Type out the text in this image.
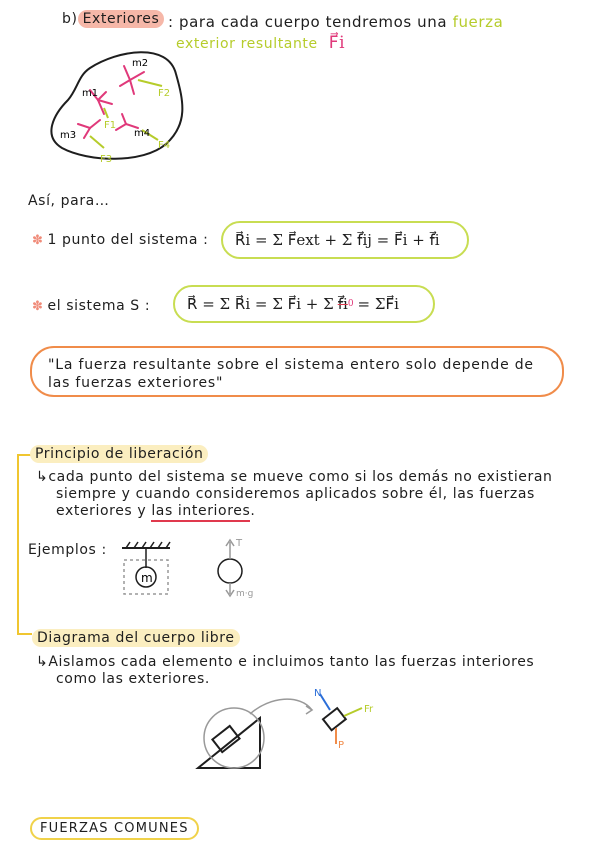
b) Exteriores : para cada cuerpo tendremos una fuerza
exterior resultante F⃗i
m2
m1
m3	m4
F2
F1
F3
F4
Así, para…
✽ 1 punto del sistema : R⃗i = Σ F⃗ext + Σ f⃗ij = F⃗i + f⃗i
✽ el sistema S : R⃗ = Σ R⃗i = Σ F⃗i + Σ f⃗i 0 = ΣF⃗i
"La fuerza resultante sobre el sistema entero solo depende de las fuerzas exteriores"
Principio de liberación
↳cada punto del sistema se mueve como si los demás no existieran
siempre y cuando consideremos aplicados sobre él, las fuerzas
exteriores y las interiores.
Ejemplos :
m
T
m·g
Diagrama del cuerpo libre
↳Aislamos cada elemento e incluimos tanto las fuerzas interiores
como las exteriores.
N
Fr
P
FUERZAS COMUNES
